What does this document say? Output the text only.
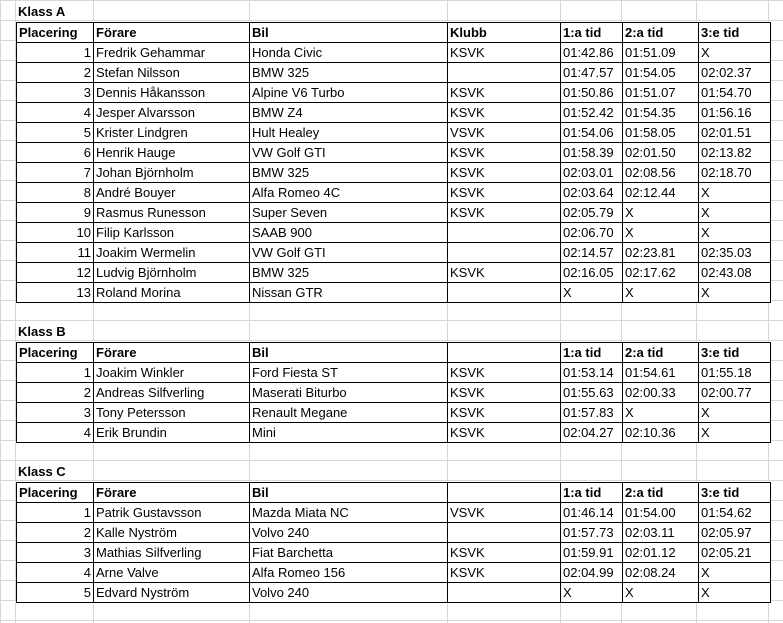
Klass A
Placering	Förare	Bil	Klubb	1:a tid	2:a tid	3:e tid
1	Fredrik Gehammar	Honda Civic	KSVK	01:42.86	01:51.09	X
2	Stefan Nilsson	BMW 325		01:47.57	01:54.05	02:02.37
3	Dennis Håkansson	Alpine V6 Turbo	KSVK	01:50.86	01:51.07	01:54.70
4	Jesper Alvarsson	BMW Z4	KSVK	01:52.42	01:54.35	01:56.16
5	Krister Lindgren	Hult Healey	VSVK	01:54.06	01:58.05	02:01.51
6	Henrik Hauge	VW Golf GTI	KSVK	01:58.39	02:01.50	02:13.82
7	Johan Björnholm	BMW 325	KSVK	02:03.01	02:08.56	02:18.70
8	André Bouyer	Alfa Romeo 4C	KSVK	02:03.64	02:12.44	X
9	Rasmus Runesson	Super Seven	KSVK	02:05.79	X	X
10	Filip Karlsson	SAAB 900		02:06.70	X	X
11	Joakim Wermelin	VW Golf GTI		02:14.57	02:23.81	02:35.03
12	Ludvig Björnholm	BMW 325	KSVK	02:16.05	02:17.62	02:43.08
13	Roland Morina	Nissan GTR		X	X	X
Klass B
Placering	Förare	Bil		1:a tid	2:a tid	3:e tid
1	Joakim Winkler	Ford Fiesta ST	KSVK	01:53.14	01:54.61	01:55.18
2	Andreas Silfverling	Maserati Biturbo	KSVK	01:55.63	02:00.33	02:00.77
3	Tony Petersson	Renault Megane	KSVK	01:57.83	X	X
4	Erik Brundin	Mini	KSVK	02:04.27	02:10.36	X
Klass C
Placering	Förare	Bil		1:a tid	2:a tid	3:e tid
1	Patrik Gustavsson	Mazda Miata NC	VSVK	01:46.14	01:54.00	01:54.62
2	Kalle Nyström	Volvo 240		01:57.73	02:03.11	02:05.97
3	Mathias Silfverling	Fiat Barchetta	KSVK	01:59.91	02:01.12	02:05.21
4	Arne Valve	Alfa Romeo 156	KSVK	02:04.99	02:08.24	X
5	Edvard Nyström	Volvo 240		X	X	X
